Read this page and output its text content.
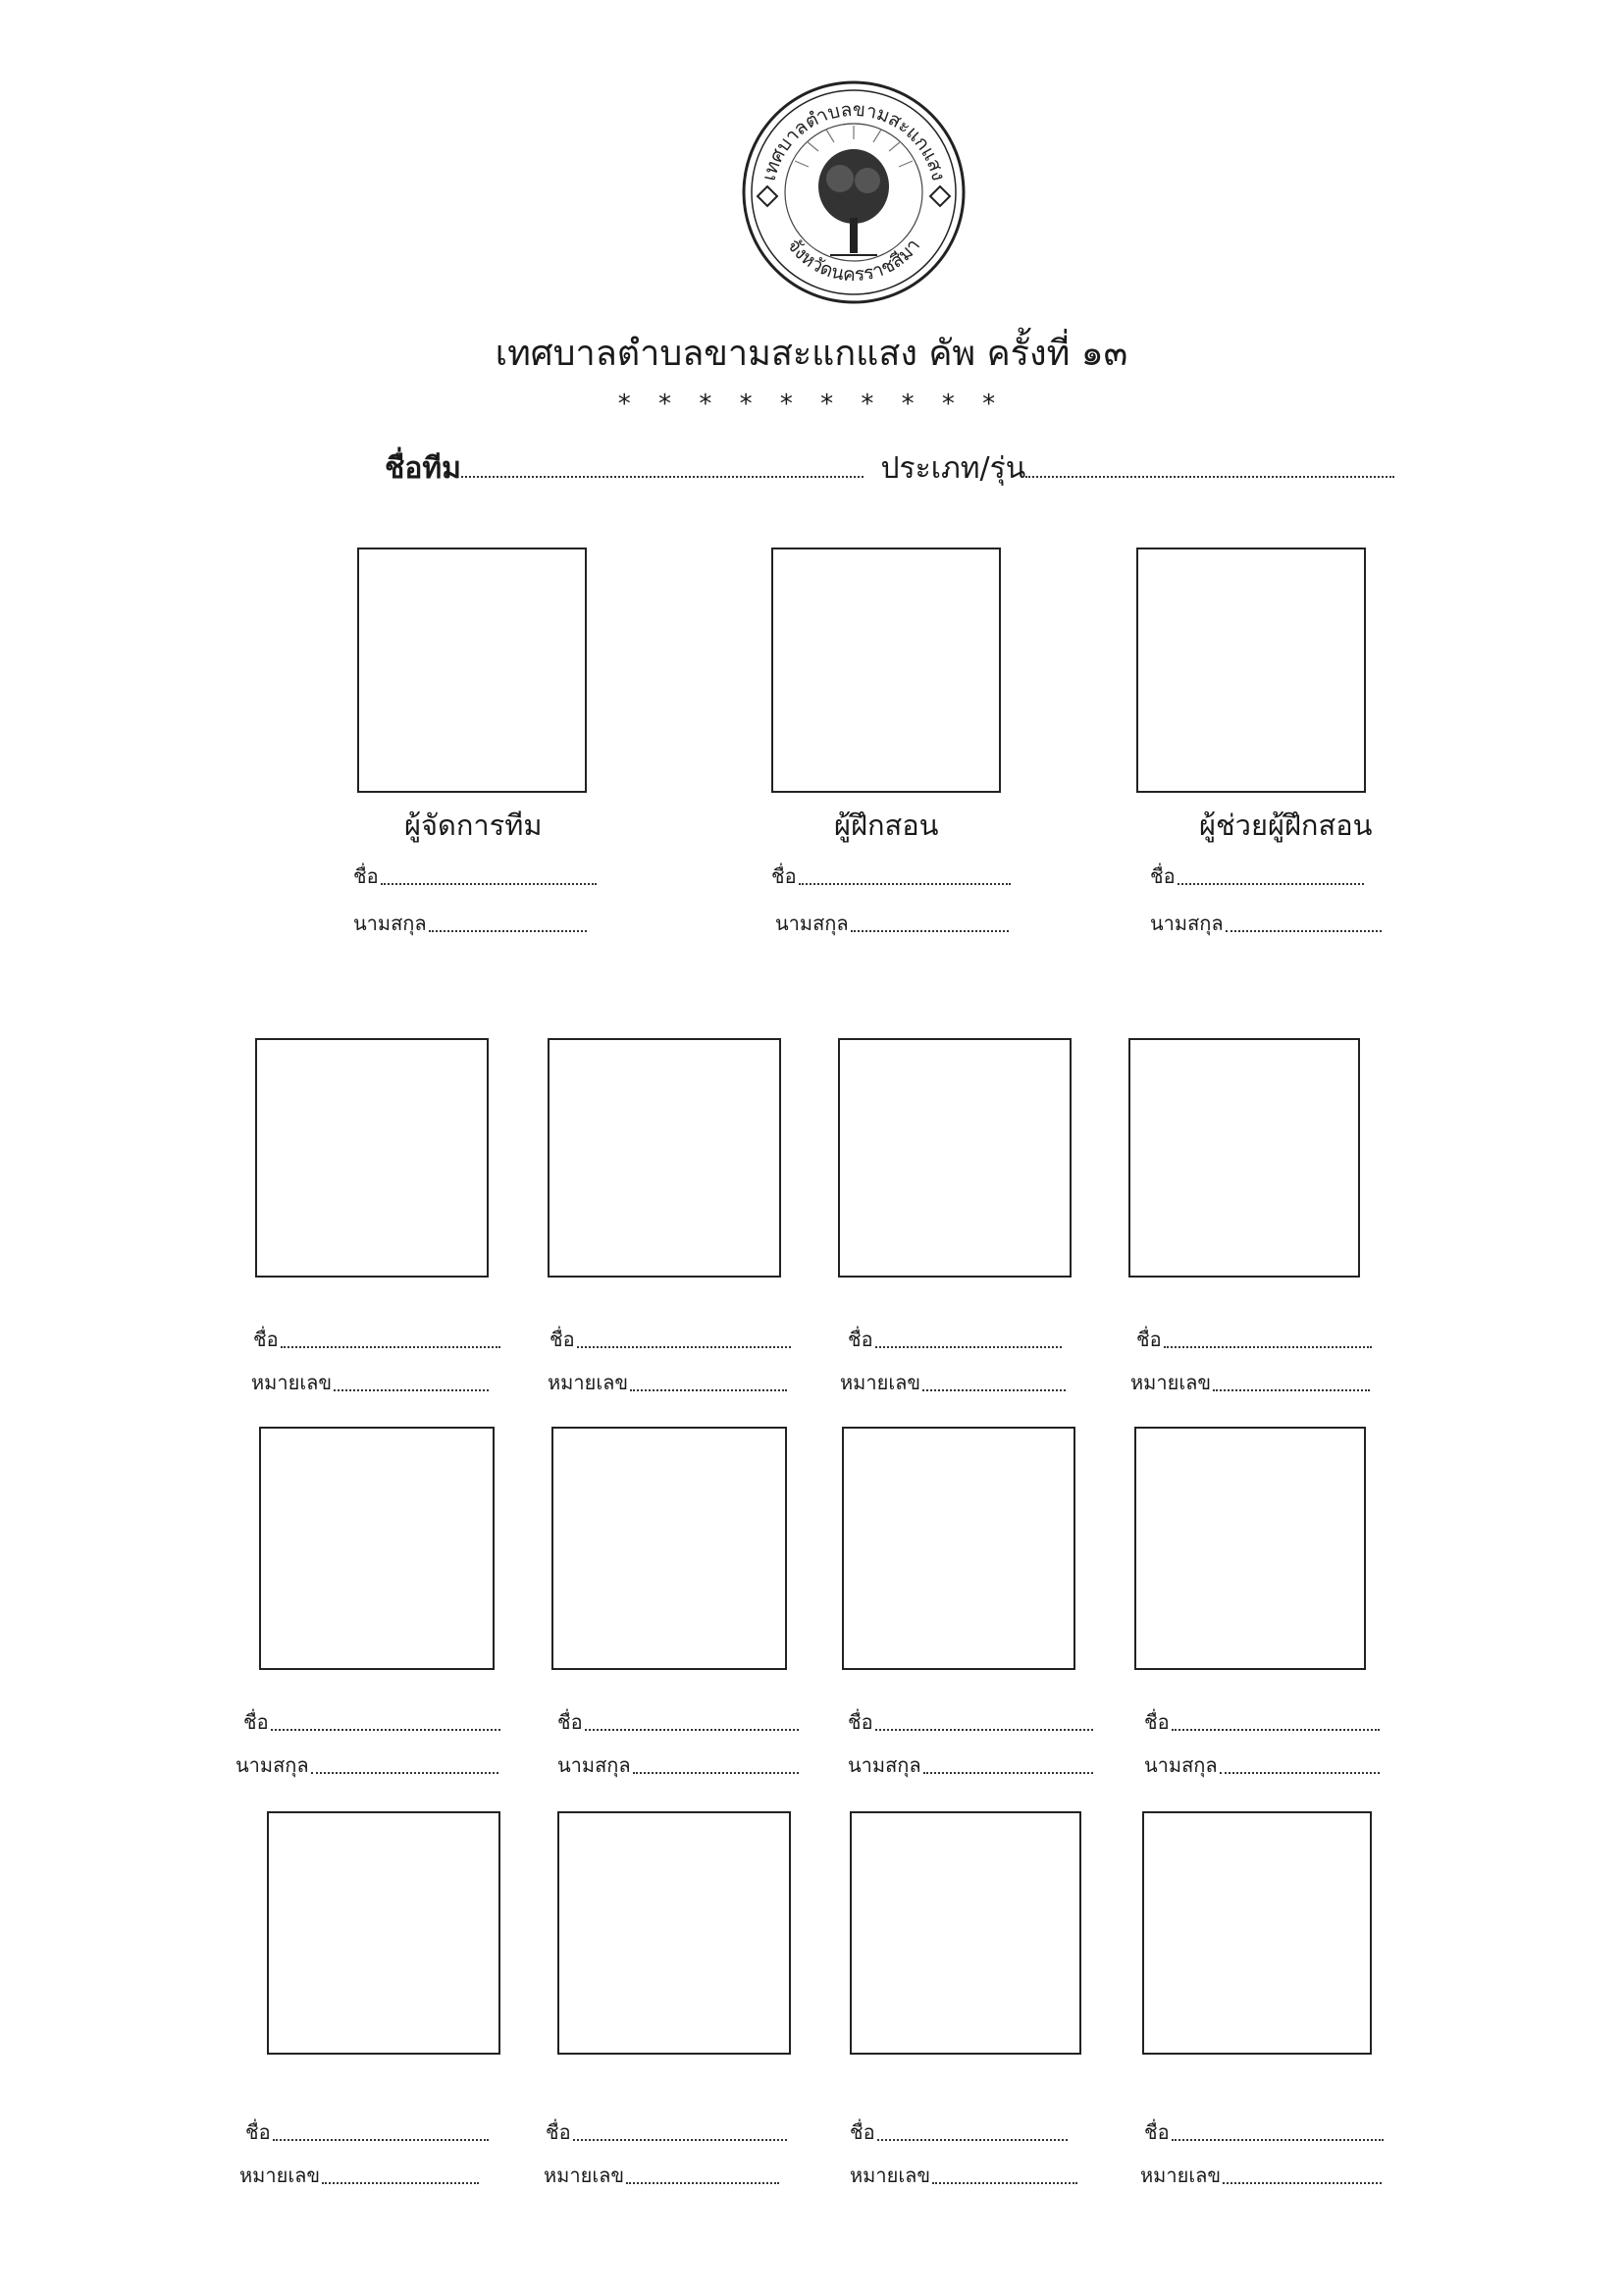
เทศบาลตำบลขามสะแกแสง
จังหวัดนครราชสีมา
เทศบาลตำบลขามสะแกแสง คัพ ครั้งที่ ๑๓
* * * * * * * * * *
ชื่อทีม	ประเภท/รุ่น
ผู้จัดการทีม	ผู้ฝึกสอน	ผู้ช่วยผู้ฝึกสอน
ชื่อ
นามสกุล
ชื่อ
นามสกุล
ชื่อ
นามสกุล
ชื่อ
หมายเลข
ชื่อ
หมายเลข
ชื่อ
หมายเลข
ชื่อ
หมายเลข
ชื่อ
นามสกุล
ชื่อ
นามสกุล
ชื่อ
นามสกุล
ชื่อ
นามสกุล
ชื่อ
หมายเลข
ชื่อ
หมายเลข
ชื่อ
หมายเลข
ชื่อ
หมายเลข
